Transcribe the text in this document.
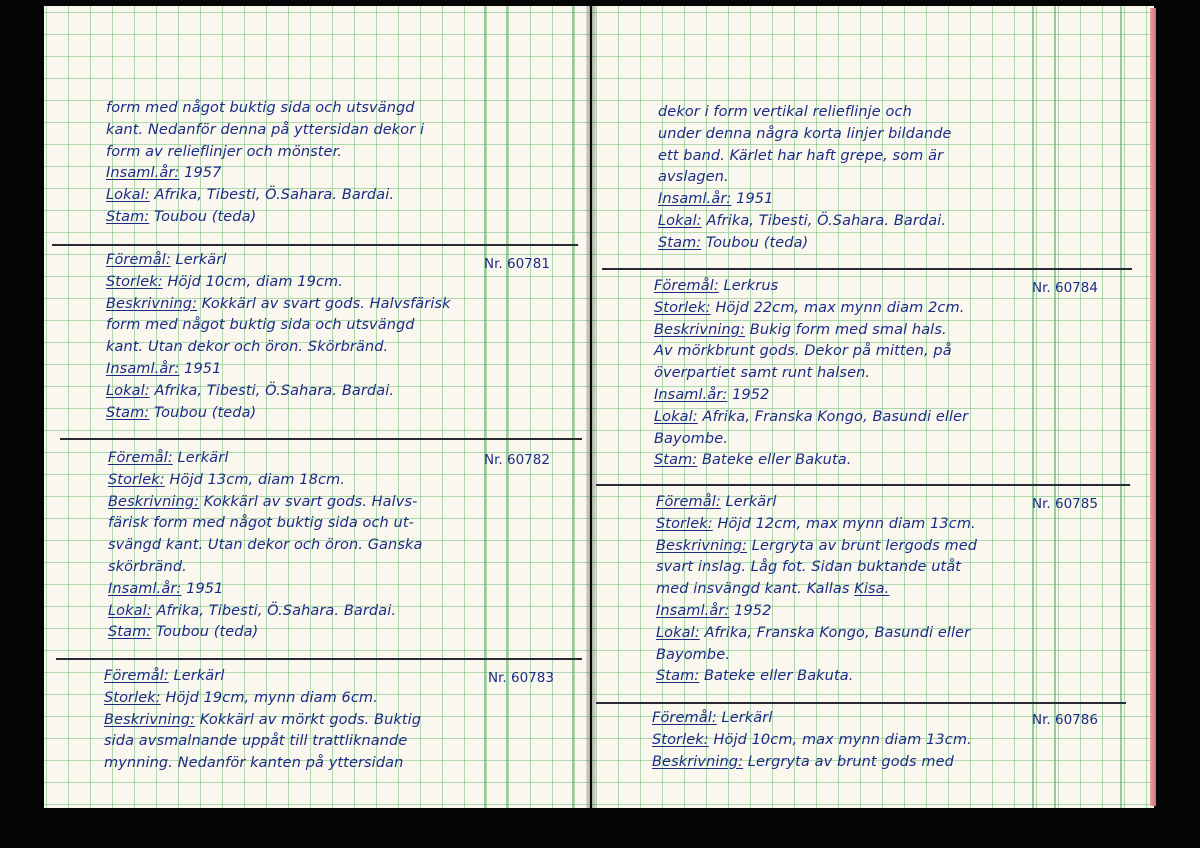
form med något buktig sida och utsvängd
kant. Nedanför denna på yttersidan dekor i
form av relieflinjer och mönster.
Insaml.år: 1957
Lokal: Afrika, Tibesti, Ö.Sahara. Bardai.
Stam: Toubou (teda)
Föremål: Lerkärl
Storlek: Höjd 10cm, diam 19cm.
Beskrivning: Kokkärl av svart gods. Halvsfärisk
form med något buktig sida och utsvängd
kant. Utan dekor och öron. Skörbränd.
Insaml.år: 1951
Lokal: Afrika, Tibesti, Ö.Sahara. Bardai.
Stam: Toubou (teda)
Nr. 60781
Föremål: Lerkärl
Storlek: Höjd 13cm, diam 18cm.
Beskrivning: Kokkärl av svart gods. Halvs-
färisk form med något buktig sida och ut-
svängd kant. Utan dekor och öron. Ganska
skörbränd.
Insaml.år: 1951
Lokal: Afrika, Tibesti, Ö.Sahara. Bardai.
Stam: Toubou (teda)
Nr. 60782
Föremål: Lerkärl
Storlek: Höjd 19cm, mynn diam 6cm.
Beskrivning: Kokkärl av mörkt gods. Buktig
sida avsmalnande uppåt till trattliknande
mynning. Nedanför kanten på yttersidan
Nr. 60783
dekor i form vertikal relieflinje och
under denna några korta linjer bildande
ett band. Kärlet har haft grepe, som är
avslagen.
Insaml.år: 1951
Lokal: Afrika, Tibesti, Ö.Sahara. Bardai.
Stam: Toubou (teda)
Föremål: Lerkrus
Storlek: Höjd 22cm, max mynn diam 2cm.
Beskrivning: Bukig form med smal hals.
Av mörkbrunt gods. Dekor på mitten, på
överpartiet samt runt halsen.
Insaml.år: 1952
Lokal: Afrika, Franska Kongo, Basundi eller
Bayombe.
Stam: Bateke eller Bakuta.
Nr. 60784
Föremål: Lerkärl
Storlek: Höjd 12cm, max mynn diam 13cm.
Beskrivning: Lergryta av brunt lergods med
svart inslag. Låg fot. Sidan buktande utåt
med insvängd kant. Kallas Kisa.
Insaml.år: 1952
Lokal: Afrika, Franska Kongo, Basundi eller
Bayombe.
Stam: Bateke eller Bakuta.
Nr. 60785
Föremål: Lerkärl
Storlek: Höjd 10cm, max mynn diam 13cm.
Beskrivning: Lergryta av brunt gods med
Nr. 60786
